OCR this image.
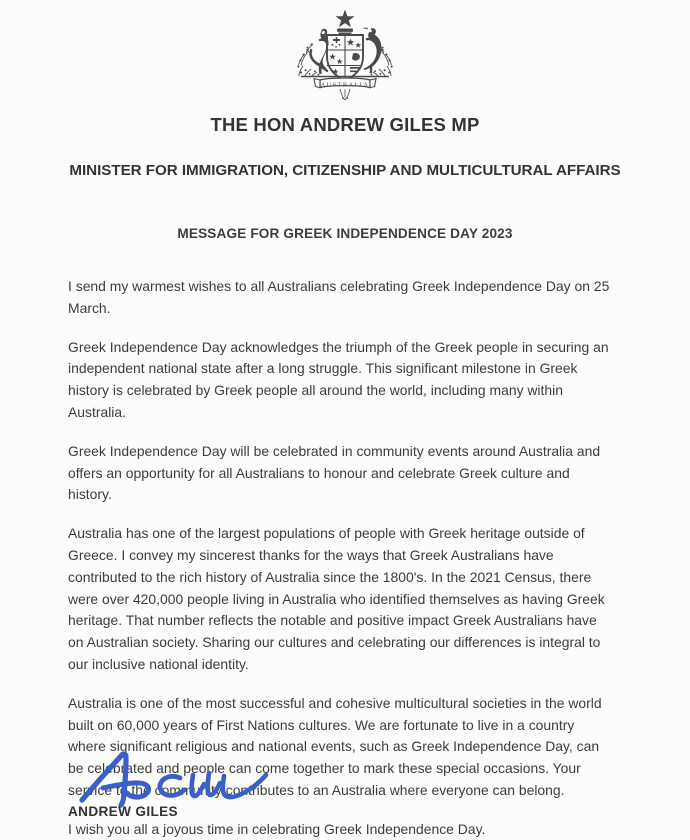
AUSTRALIA
THE HON ANDREW GILES MP
MINISTER FOR IMMIGRATION, CITIZENSHIP AND MULTICULTURAL AFFAIRS
MESSAGE FOR GREEK INDEPENDENCE DAY 2023

I send my warmest wishes to all Australians celebrating Greek Independence Day on 25 March.

Greek Independence Day acknowledges the triumph of the Greek people in securing an independent national state after a long struggle. This significant milestone in Greek history is celebrated by Greek people all around the world, including many within Australia.

Greek Independence Day will be celebrated in community events around Australia and offers an opportunity for all Australians to honour and celebrate Greek culture and history.

Australia has one of the largest populations of people with Greek heritage outside of Greece. I convey my sincerest thanks for the ways that Greek Australians have contributed to the rich history of Australia since the 1800's. In the 2021 Census, there were over 420,000 people living in Australia who identified themselves as having Greek heritage. That number reflects the notable and positive impact Greek Australians have on Australian society. Sharing our cultures and celebrating our differences is integral to our inclusive national identity.

Australia is one of the most successful and cohesive multicultural societies in the world built on 60,000 years of First Nations cultures. We are fortunate to live in a country where significant religious and national events, such as Greek Independence Day, can be celebrated and people can come together to mark these special occasions. Your service to the community contributes to an Australia where everyone can belong.

I wish you all a joyous time in celebrating Greek Independence Day.

ANDREW GILES
